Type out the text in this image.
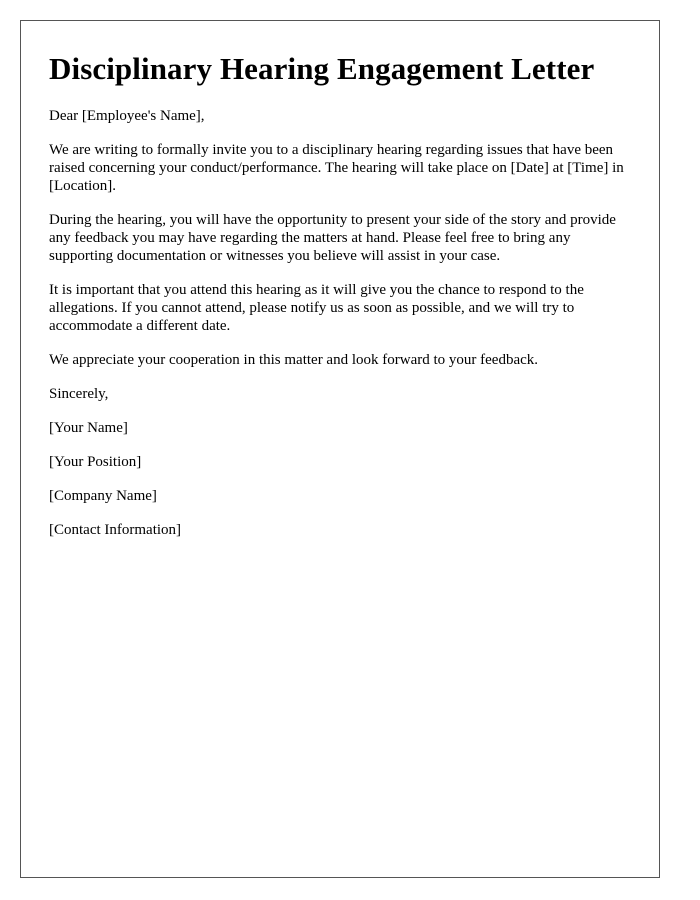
Disciplinary Hearing Engagement Letter

Dear [Employee's Name],

We are writing to formally invite you to a disciplinary hearing regarding issues that have been raised concerning your conduct/performance. The hearing will take place on [Date] at [Time] in [Location].

During the hearing, you will have the opportunity to present your side of the story and provide any feedback you may have regarding the matters at hand. Please feel free to bring any supporting documentation or witnesses you believe will assist in your case.

It is important that you attend this hearing as it will give you the chance to respond to the allegations. If you cannot attend, please notify us as soon as possible, and we will try to accommodate a different date.

We appreciate your cooperation in this matter and look forward to your feedback.

Sincerely,

[Your Name]

[Your Position]

[Company Name]

[Contact Information]
